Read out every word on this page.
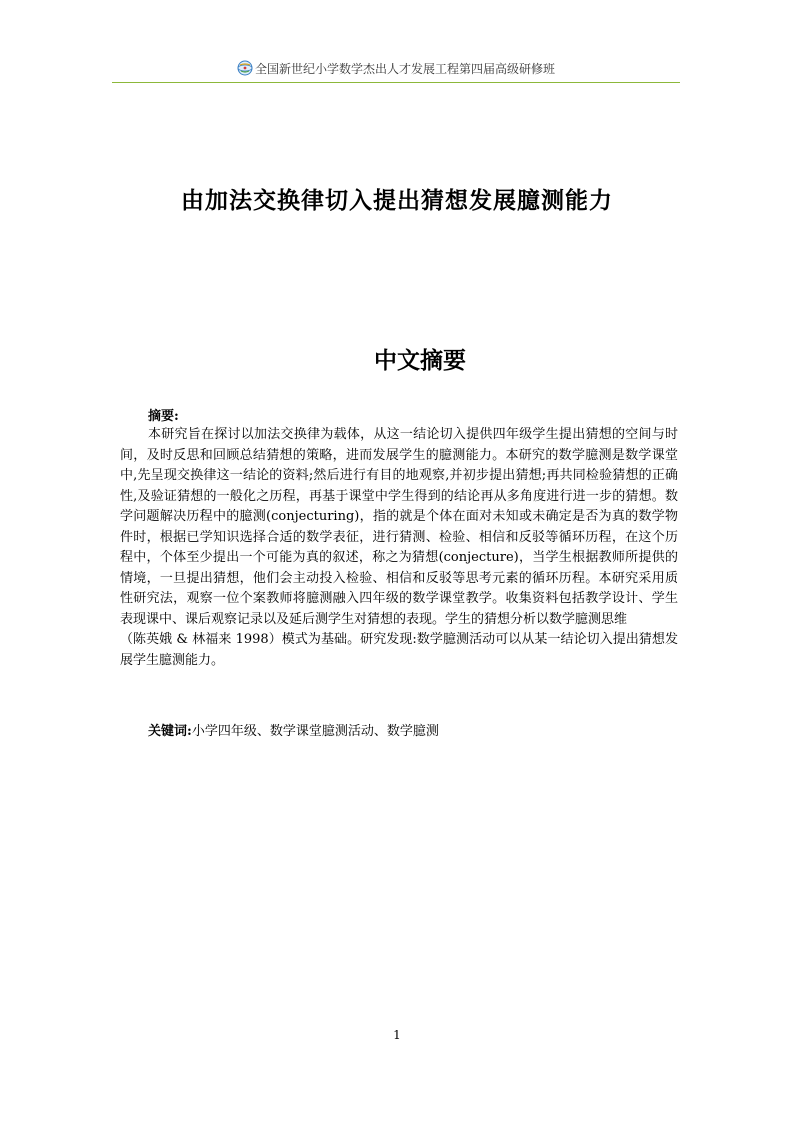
全国新世纪小学数学杰出人才发展工程第四届高级研修班
由加法交换律切入提出猜想发展臆测能力
中文摘要
摘要:

本研究旨在探讨以加法交换律为载体，从这一结论切入提供四年级学生提出猜想的空间与时间，及时反思和回顾总结猜想的策略，进而发展学生的臆测能力。本研究的数学臆测是数学课堂中,先呈现交换律这一结论的资料;然后进行有目的地观察,并初步提出猜想;再共同检验猜想的正确性,及验证猜想的一般化之历程，再基于课堂中学生得到的结论再从多角度进行进一步的猜想。数学问题解决历程中的臆测(conjecturing)，指的就是个体在面对未知或未确定是否为真的数学物件时，根据已学知识选择合适的数学表征，进行猜测、检验、相信和反驳等循环历程，在这个历程中，个体至少提出一个可能为真的叙述，称之为猜想(conjecture)，当学生根据教师所提供的情境，一旦提出猜想，他们会主动投入检验、相信和反驳等思考元素的循环历程。本研究采用质性研究法，观察一位个案教师将臆测融入四年级的数学课堂教学。收集资料包括教学设计、学生表现课中、课后观察记录以及延后测学生对猜想的表现。学生的猜想分析以数学臆测思维

（陈英娥 & 林福来 1998）模式为基础。研究发现:数学臆测活动可以从某一结论切入提出猜想发展学生臆测能力。

关键词:小学四年级、数学课堂臆测活动、数学臆测
1
